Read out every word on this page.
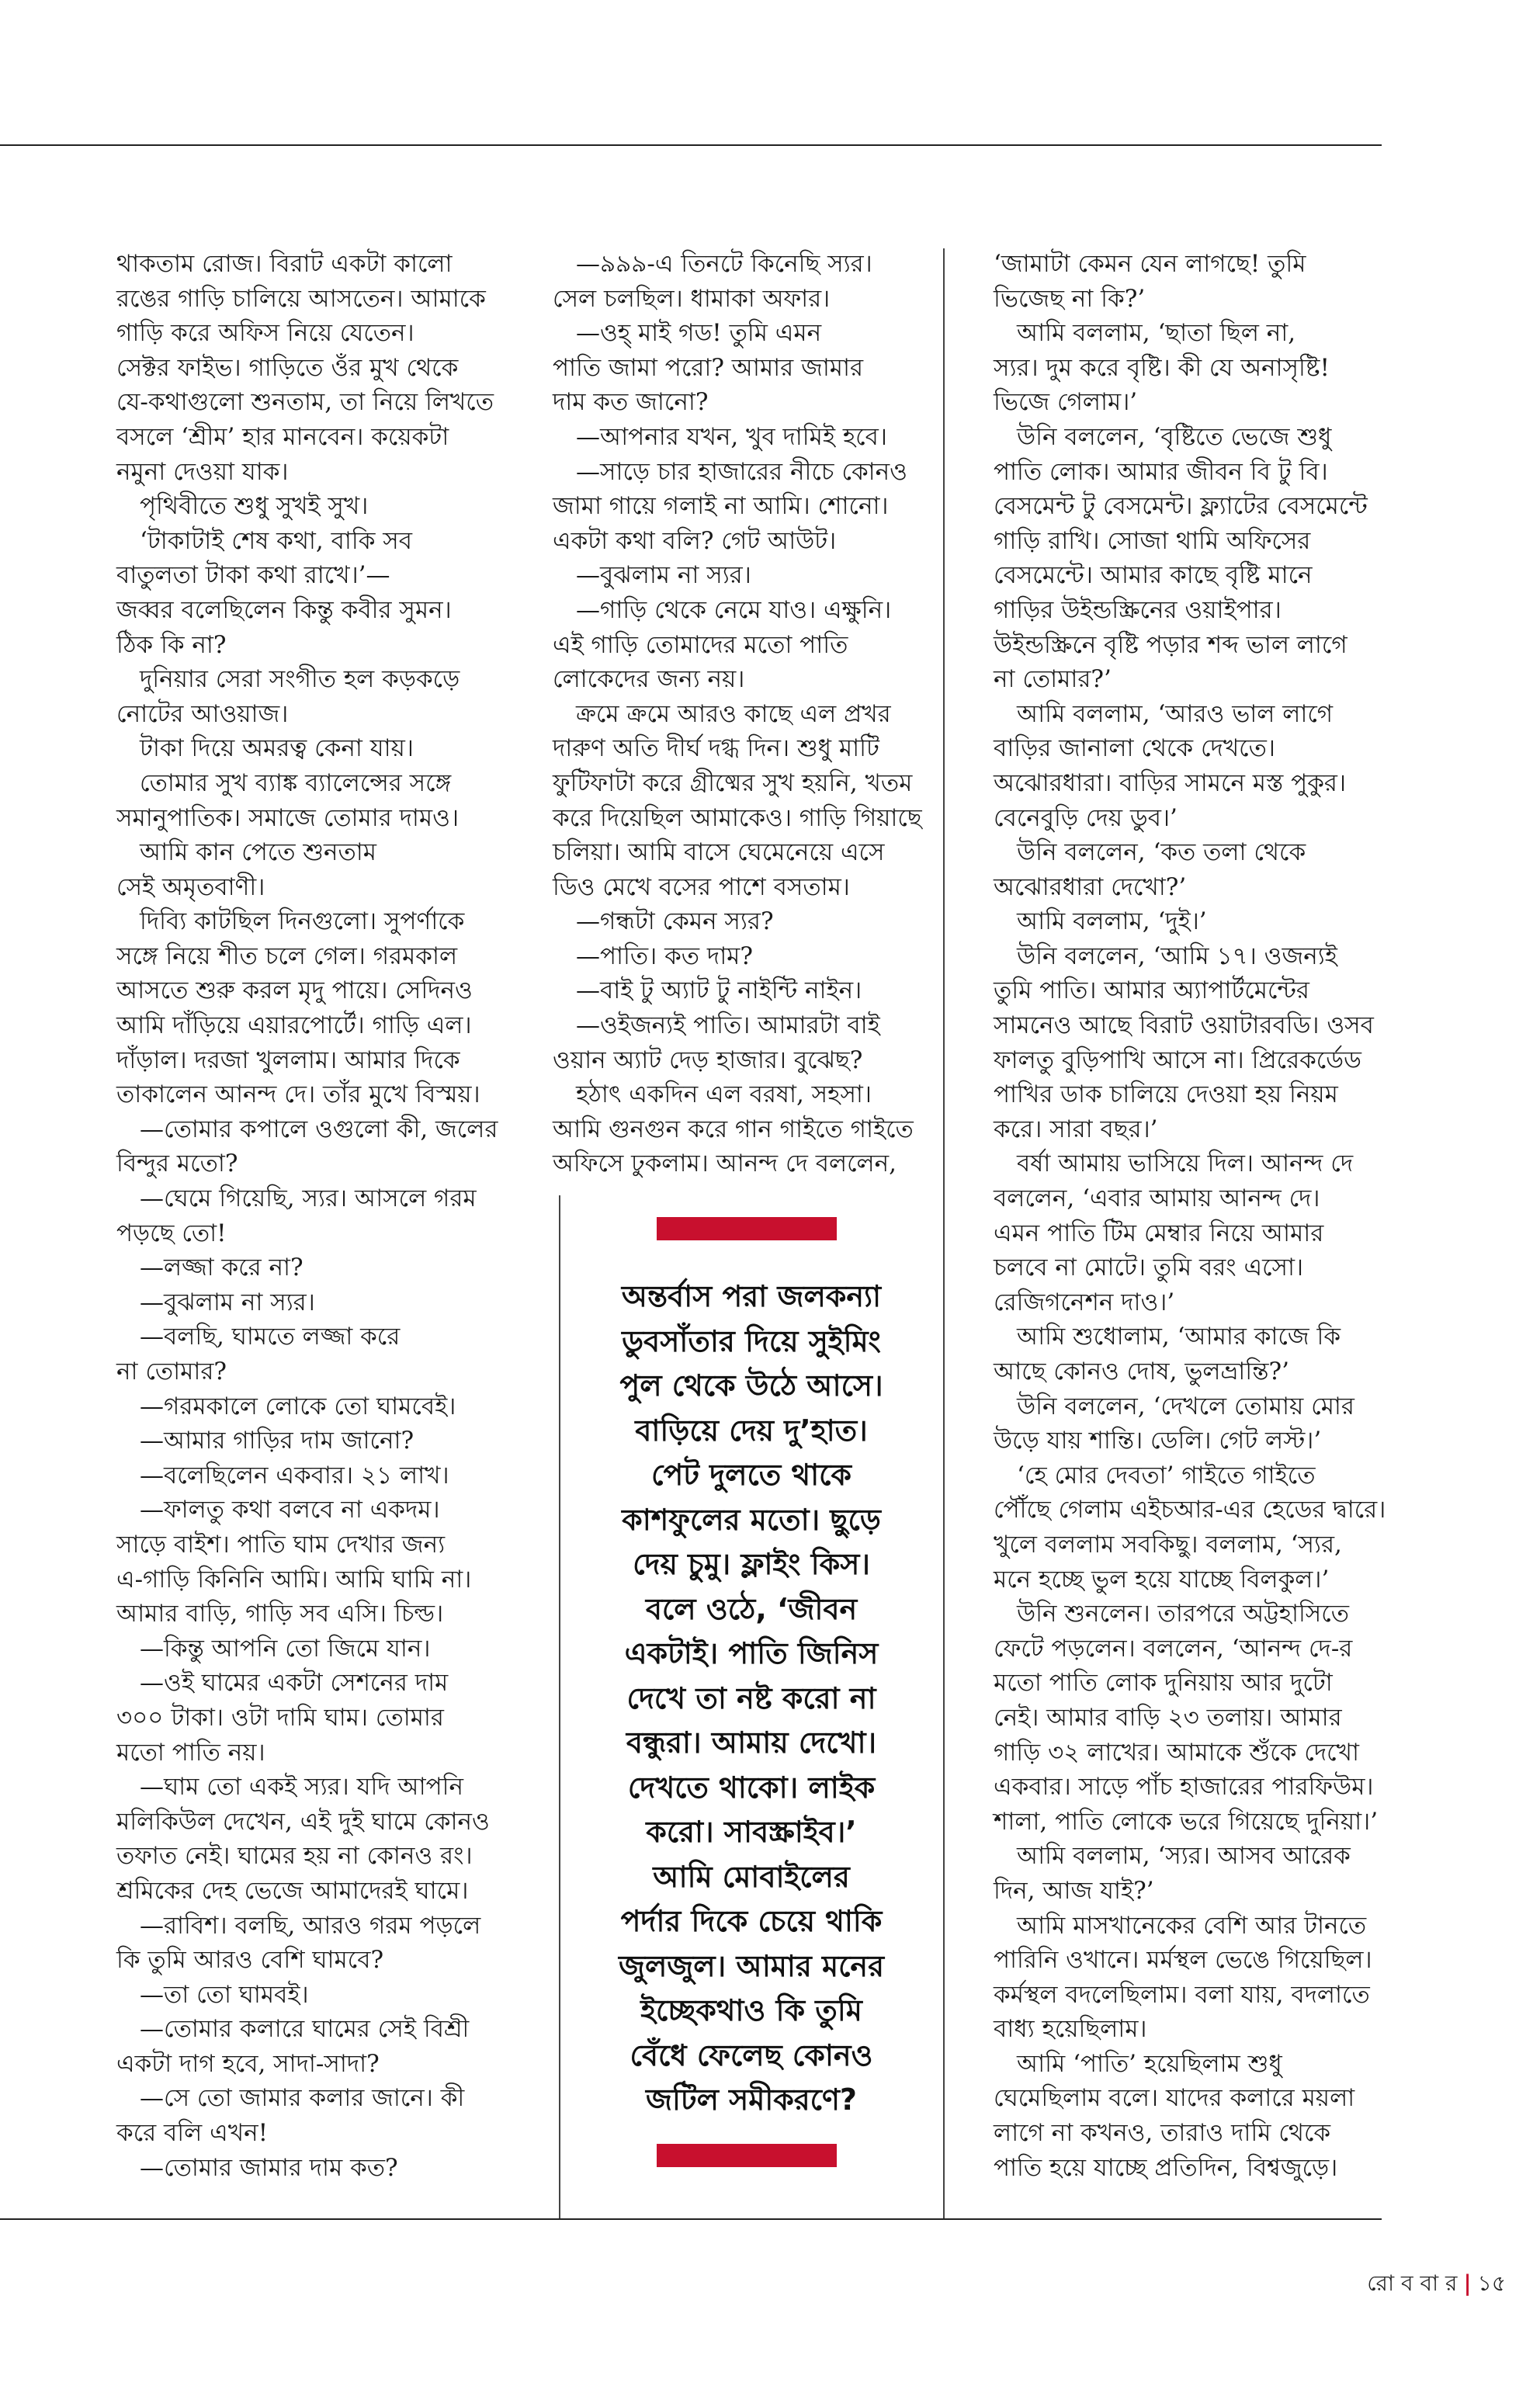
থাকতাম রোজ। বিরাট একটা কালো

রঙের গাড়ি চালিয়ে আসতেন। আমাকে

গাড়ি করে অফিস নিয়ে যেতেন।

সেক্টর ফাইভ। গাড়িতে ওঁর মুখ থেকে

যে-কথাগুলো শুনতাম, তা নিয়ে লিখতে

বসলে ‘শ্রীম’ হার মানবেন। কয়েকটা

নমুনা দেওয়া যাক।

পৃথিবীতে শুধু সুখই সুখ।

‘টাকাটাই শেষ কথা, বাকি সব

বাতুলতা টাকা কথা রাখে।’—

জব্বর বলেছিলেন কিন্তু কবীর সুমন।

ঠিক কি না?

দুনিয়ার সেরা সংগীত হল কড়কড়ে

নোটের আওয়াজ।

টাকা দিয়ে অমরত্ব কেনা যায়।

তোমার সুখ ব্যাঙ্ক ব্যালেন্সের সঙ্গে

সমানুপাতিক। সমাজে তোমার দামও।

আমি কান পেতে শুনতাম

সেই অমৃতবাণী।

দিব্যি কাটছিল দিনগুলো। সুপর্ণাকে

সঙ্গে নিয়ে শীত চলে গেল। গরমকাল

আসতে শুরু করল মৃদু পায়ে। সেদিনও

আমি দাঁড়িয়ে এয়ারপোর্টে। গাড়ি এল।

দাঁড়াল। দরজা খুললাম। আমার দিকে

তাকালেন আনন্দ দে। তাঁর মুখে বিস্ময়।

—তোমার কপালে ওগুলো কী, জলের

বিন্দুর মতো?

—ঘেমে গিয়েছি, স্যর। আসলে গরম

পড়ছে তো!

—লজ্জা করে না?

—বুঝলাম না স্যর।

—বলছি, ঘামতে লজ্জা করে

না তোমার?

—গরমকালে লোকে তো ঘামবেই।

—আমার গাড়ির দাম জানো?

—বলেছিলেন একবার। ২১ লাখ।

—ফালতু কথা বলবে না একদম।

সাড়ে বাইশ। পাতি ঘাম দেখার জন্য

এ-গাড়ি কিনিনি আমি। আমি ঘামি না।

আমার বাড়ি, গাড়ি সব এসি। চিল্ড।

—কিন্তু আপনি তো জিমে যান।

—ওই ঘামের একটা সেশনের দাম

৩০০ টাকা। ওটা দামি ঘাম। তোমার

মতো পাতি নয়।

—ঘাম তো একই স্যর। যদি আপনি

মলিকিউল দেখেন, এই দুই ঘামে কোনও

তফাত নেই। ঘামের হয় না কোনও রং।

শ্রমিকের দেহ ভেজে আমাদেরই ঘামে।

—রাবিশ। বলছি, আরও গরম পড়লে

কি তুমি আরও বেশি ঘামবে?

—তা তো ঘামবই।

—তোমার কলারে ঘামের সেই বিশ্রী

একটা দাগ হবে, সাদা-সাদা?

—সে তো জামার কলার জানে। কী

করে বলি এখন!

—তোমার জামার দাম কত?

—৯৯৯-এ তিনটে কিনেছি স্যর।

সেল চলছিল। ধামাকা অফার।

—ওহ্ মাই গড! তুমি এমন

পাতি জামা পরো? আমার জামার

দাম কত জানো?

—আপনার যখন, খুব দামিই হবে।

—সাড়ে চার হাজারের নীচে কোনও

জামা গায়ে গলাই না আমি। শোনো।

একটা কথা বলি? গেট আউট।

—বুঝলাম না স্যর।

—গাড়ি থেকে নেমে যাও। এক্ষুনি।

এই গাড়ি তোমাদের মতো পাতি

লোকেদের জন্য নয়।

ক্রমে ক্রমে আরও কাছে এল প্রখর

দারুণ অতি দীর্ঘ দগ্ধ দিন। শুধু মাটি

ফুটিফাটা করে গ্রীষ্মের সুখ হয়নি, খতম

করে দিয়েছিল আমাকেও। গাড়ি গিয়াছে

চলিয়া। আমি বাসে ঘেমেনেয়ে এসে

ডিও মেখে বসের পাশে বসতাম।

—গন্ধটা কেমন স্যর?

—পাতি। কত দাম?

—বাই টু অ্যাট টু নাইন্টি নাইন।

—ওইজন্যই পাতি। আমারটা বাই

ওয়ান অ্যাট দেড় হাজার। বুঝেছ?

হঠাৎ একদিন এল বরষা, সহসা।

আমি গুনগুন করে গান গাইতে গাইতে

অফিসে ঢুকলাম। আনন্দ দে বললেন,

‘জামাটা কেমন যেন লাগছে! তুমি

ভিজেছ না কি?’

আমি বললাম, ‘ছাতা ছিল না,

স্যর। দুম করে বৃষ্টি। কী যে অনাসৃষ্টি!

ভিজে গেলাম।’

উনি বললেন, ‘বৃষ্টিতে ভেজে শুধু

পাতি লোক। আমার জীবন বি টু বি।

বেসমেন্ট টু বেসমেন্ট। ফ্ল্যাটের বেসমেন্টে

গাড়ি রাখি। সোজা থামি অফিসের

বেসমেন্টে। আমার কাছে বৃষ্টি মানে

গাড়ির উইন্ডস্ক্রিনের ওয়াইপার।

উইন্ডস্ক্রিনে বৃষ্টি পড়ার শব্দ ভাল লাগে

না তোমার?’

আমি বললাম, ‘আরও ভাল লাগে

বাড়ির জানালা থেকে দেখতে।

অঝোরধারা। বাড়ির সামনে মস্ত পুকুর।

বেনেবুড়ি দেয় ডুব।’

উনি বললেন, ‘কত তলা থেকে

অঝোরধারা দেখো?’

আমি বললাম, ‘দুই।’

উনি বললেন, ‘আমি ১৭। ওজন্যই

তুমি পাতি। আমার অ্যাপার্টমেন্টের

সামনেও আছে বিরাট ওয়াটারবডি। ওসব

ফালতু বুড়িপাখি আসে না। প্রিরেকর্ডেড

পাখির ডাক চালিয়ে দেওয়া হয় নিয়ম

করে। সারা বছর।’

বর্ষা আমায় ভাসিয়ে দিল। আনন্দ দে

বললেন, ‘এবার আমায় আনন্দ দে।

এমন পাতি টিম মেম্বার নিয়ে আমার

চলবে না মোটে। তুমি বরং এসো।

রেজিগনেশন দাও।’

আমি শুধোলাম, ‘আমার কাজে কি

আছে কোনও দোষ, ভুলভ্রান্তি?’

উনি বললেন, ‘দেখলে তোমায় মোর

উড়ে যায় শান্তি। ডেলি। গেট লস্ট।’

‘হে মোর দেবতা’ গাইতে গাইতে

পৌঁছে গেলাম এইচআর-এর হেডের দ্বারে।

খুলে বললাম সবকিছু। বললাম, ‘স্যর,

মনে হচ্ছে ভুল হয়ে যাচ্ছে বিলকুল।’

উনি শুনলেন। তারপরে অট্টহাসিতে

ফেটে পড়লেন। বললেন, ‘আনন্দ দে-র

মতো পাতি লোক দুনিয়ায় আর দুটো

নেই। আমার বাড়ি ২৩ তলায়। আমার

গাড়ি ৩২ লাখের। আমাকে শুঁকে দেখো

একবার। সাড়ে পাঁচ হাজারের পারফিউম।

শালা, পাতি লোকে ভরে গিয়েছে দুনিয়া।’

আমি বললাম, ‘স্যর। আসব আরেক

দিন, আজ যাই?’

আমি মাসখানেকের বেশি আর টানতে

পারিনি ওখানে। মর্মস্থল ভেঙে গিয়েছিল।

কর্মস্থল বদলেছিলাম। বলা যায়, বদলাতে

বাধ্য হয়েছিলাম।

আমি ‘পাতি’ হয়েছিলাম শুধু

ঘেমেছিলাম বলে। যাদের কলারে ময়লা

লাগে না কখনও, তারাও দামি থেকে

পাতি হয়ে যাচ্ছে প্রতিদিন, বিশ্বজুড়ে।

অন্তর্বাস পরা জলকন্যা

ডুবসাঁতার দিয়ে সুইমিং

পুল থেকে উঠে আসে।

বাড়িয়ে দেয় দু’হাত।

পেট দুলতে থাকে

কাশফুলের মতো। ছুড়ে

দেয় চুমু। ফ্লাইং কিস।

বলে ওঠে, ‘জীবন

একটাই। পাতি জিনিস

দেখে তা নষ্ট করো না

বন্ধুরা। আমায় দেখো।

দেখতে থাকো। লাইক

করো। সাবস্ক্রাইব।’

আমি মোবাইলের

পর্দার দিকে চেয়ে থাকি

জুলজুল। আমার মনের

ইচ্ছেকথাও কি তুমি

বেঁধে ফেলেছ কোনও

জটিল সমীকরণে?

রো ব বা র | ১৫
